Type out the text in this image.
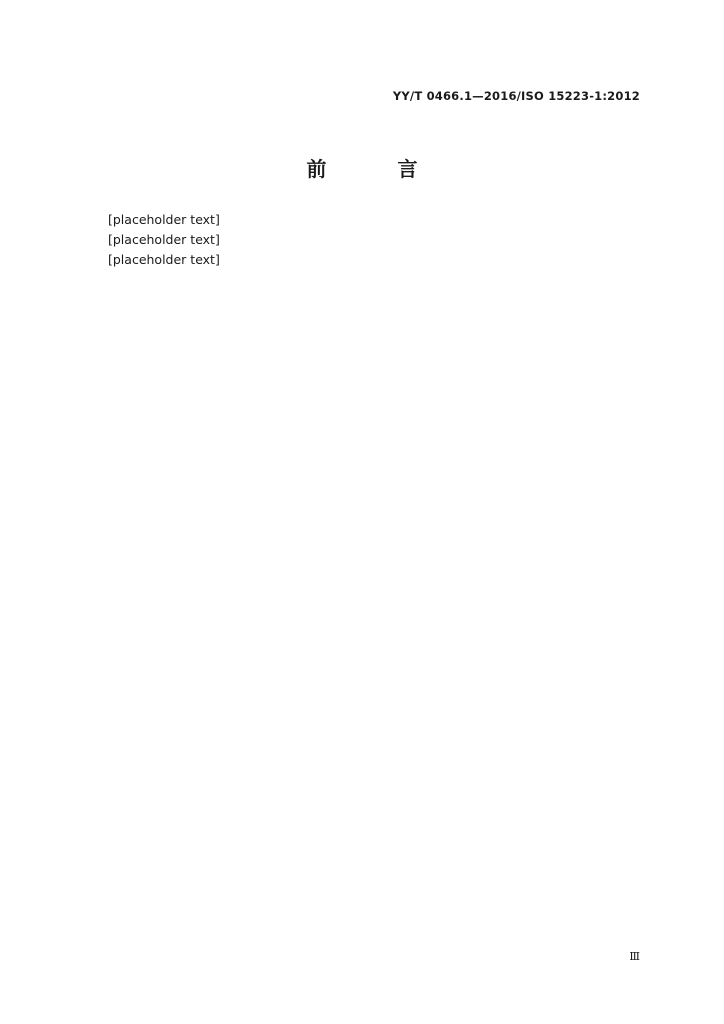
YY/T 0466.1—2016/ISO 15223-1:2012
前 言
[placeholder text]
[placeholder text]
[placeholder text]
Ⅲ
